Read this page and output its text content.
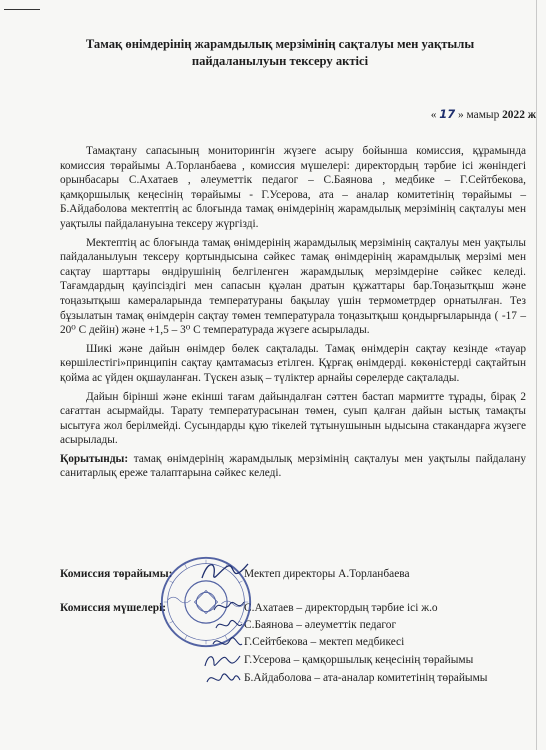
Тамақ өнімдерінің жарамдылық мерзімінің сақталуы мен уақтылы
пайдаланылуын тексеру актісі
« 17 » мамыр 2022 ж

Тамақтану сапасының мониторингін жүзеге асыру бойынша комиссия, құрамында комиссия төрайымы А.Торланбаева , комиссия мүшелері: директордың тәрбие ісі жөніндегі орынбасары С.Ахатаев , әлеуметтік педагог – С.Баянова , медбике – Г.Сейтбекова, қамқоршылық кеңесінің төрайымы - Г.Усерова, ата – аналар комитетінің төрайымы – Б.Айдаболова мектептің ас блоғында тамақ өнімдерінің жарамдылық мерзімінің сақталуы мен уақтылы пайдалануына тексеру жүргізді.

Мектептің ас блоғында тамақ өнімдерінің жарамдылық мерзімінің сақталуы мен уақтылы пайдаланылуын тексеру қортындысына сәйкес тамақ өнімдерінің жарамдылық мерзімі мен сақтау шарттары өндірушінің белгіленген жарамдылық мерзімдеріне сәйкес келеді. Тағамдардың қауіпсіздігі мен сапасын құәлан дратын құжаттары бар.Тоңазытқыш және тоңазытқыш камераларында температураны бақылау үшін термометрдер орнатылған. Тез бұзылатын тамақ өнімдерін сақтау төмен температурала тоңазытқыш қондырғыларында ( -17 – 20⁰ С дейін) және +1,5 – 3⁰ С температурада жүзеге асырылады.

Шикі және дайын өнімдер бөлек сақталады. Тамақ өнімдерін сақтау кезінде «тауар көршілестігі»принципін сақтау қамтамасыз етілген. Құрғақ өнімдерді. көкөністерді сақтайтын қойма ас үйден оқшауланған. Түскен азық – түліктер арнайы сөрелерде сақталады.

Дайын бірінші және екінші тағам дайындалған сәттен бастап мармитте тұрады, бірақ 2 сағаттан асырмайды. Тарату температурасынан төмен, суып қалған дайын ыстық тамақты ысытуға жол берілмейді. Сусындарды құю тікелей тұтынушынын ыдысына стакандарға жүзеге асырылады.

Қорытынды: тамақ өнімдерінің жарамдылық мерзімінің сақталуы мен уақтылы пайдалану санитарлық ереже талаптарына сәйкес келеді.

Комиссия төрайымы:	Мектеп директоры А.Торланбаева
Комиссия мүшелері:	С.Ахатаев – директордың тәрбие ісі ж.о
С.Баянова – әлеуметтік педагог
Г.Сейтбекова – мектеп медбикесі
Г.Усерова – қамқоршылық кеңесінің төрайымы
Б.Айдаболова – ата-аналар комитетінің төрайымы
